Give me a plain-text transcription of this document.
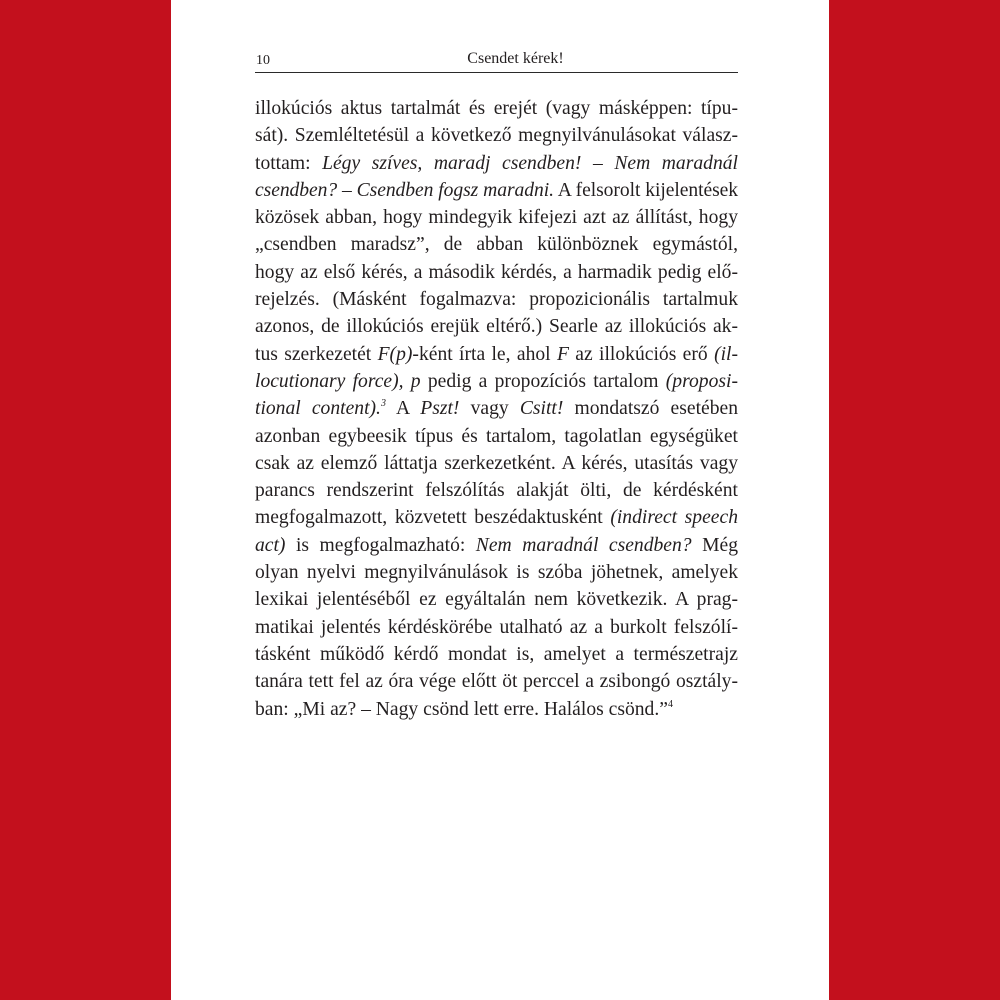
10	Csendet kérek!
illokúciós aktus tartalmát és erejét (vagy másképpen: típu-
sát). Szemléltetésül a következő megnyilvánulásokat válasz-
tottam: Légy szíves, maradj csendben! – Nem maradnál
csendben? – Csendben fogsz maradni. A felsorolt kijelentések
közösek abban, hogy mindegyik kifejezi azt az állítást, hogy
„csendben maradsz”, de abban különböznek egymástól,
hogy az első kérés, a második kérdés, a harmadik pedig elő-
rejelzés. (Másként fogalmazva: propozicionális tartalmuk
azonos, de illokúciós erejük eltérő.) Searle az illokúciós ak-
tus szerkezetét F(p)-ként írta le, ahol F az illokúciós erő (il-
locutionary force), p pedig a propozíciós tartalom (proposi-
tional content).$^3$ A Pszt! vagy Csitt! mondatszó esetében
azonban egybeesik típus és tartalom, tagolatlan egységüket
csak az elemző láttatja szerkezetként. A kérés, utasítás vagy
parancs rendszerint felszólítás alakját ölti, de kérdésként
megfogalmazott, közvetett beszédaktusként (indirect speech
act) is megfogalmazható: Nem maradnál csendben? Még
olyan nyelvi megnyilvánulások is szóba jöhetnek, amelyek
lexikai jelentéséből ez egyáltalán nem következik. A prag-
matikai jelentés kérdéskörébe utalható az a burkolt felszólí-
tásként működő kérdő mondat is, amelyet a természetrajz
tanára tett fel az óra vége előtt öt perccel a zsibongó osztály-
ban: „Mi az? – Nagy csönd lett erre. Halálos csönd.”$^4$
